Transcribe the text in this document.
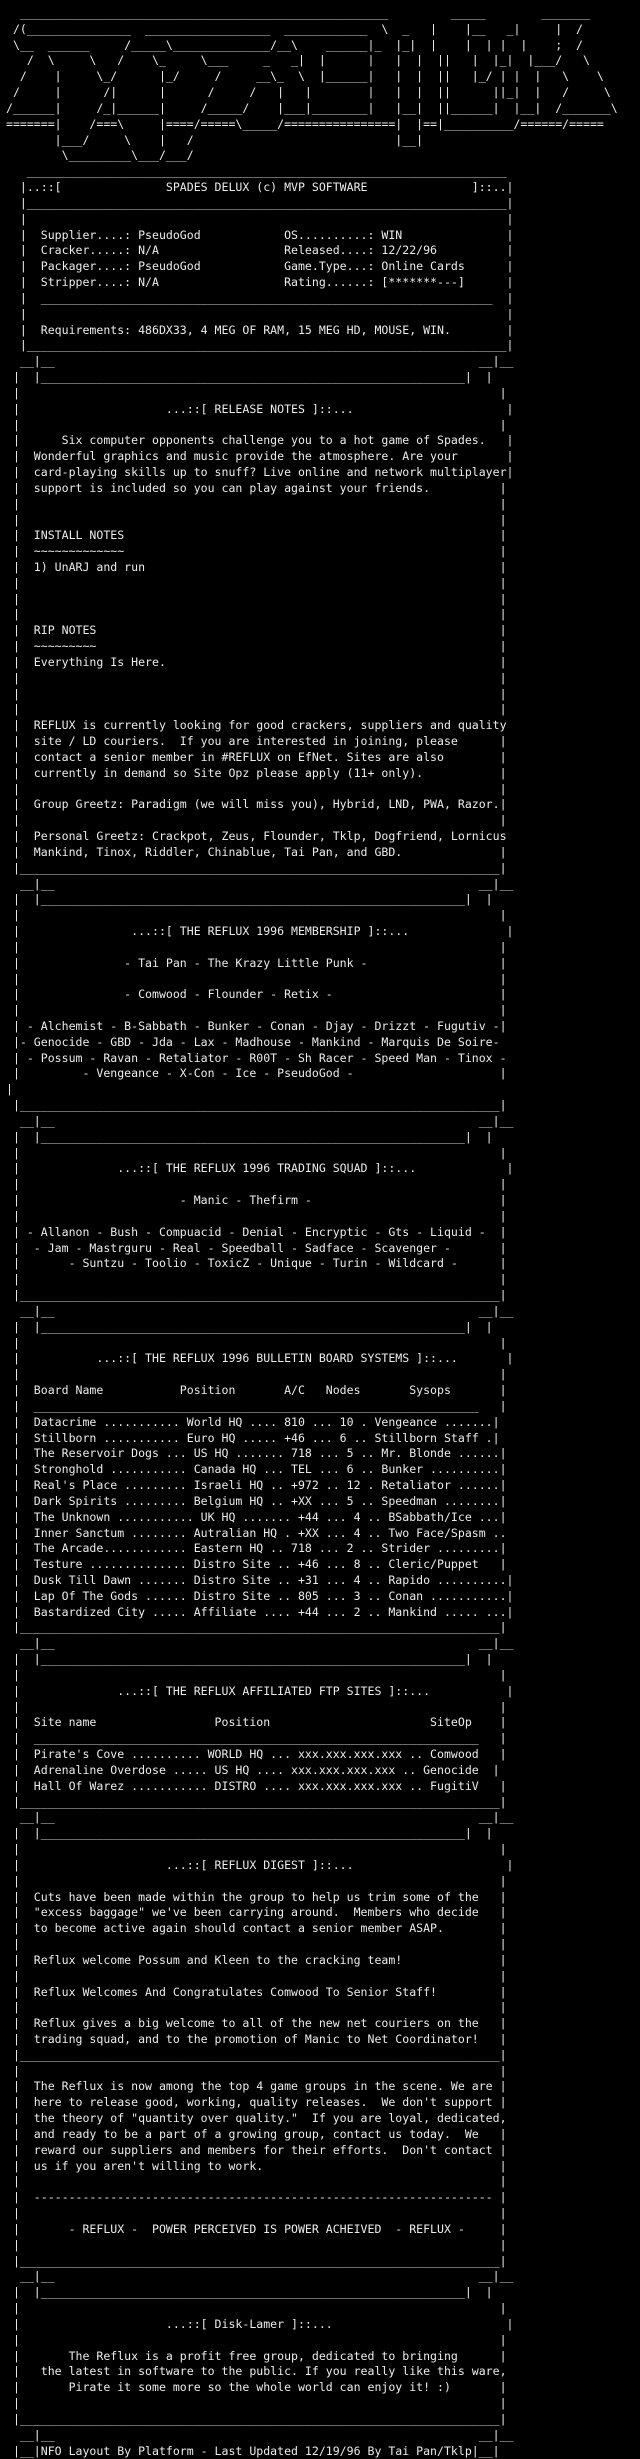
_____________________________________________________         _____        _______
/(_______________  __________________  ____________  \  _   |    |__   _|     |  /
\__  ______     /_____\______________/__\    ______|_  |_|  |    |  | |  |    ;  /
/  \     \   /    \_     \___     _   _|  |      |   |  |  ||   |  |_|  |___/   \
/    |     \_/      |_/     /     __\_  \  |______|   |  |  ||   |_/ | |  |   \    \
/     |      /|      |      /     /   |   |        |   |  |  ||      ||_|  |   /     \
/______|     /_|______|     /_____/    |___|________|   |__|  ||______|  |__|  /_______\
=======|    /===\     |====/=====\_____/================|  |==|__________/======/=====
|___/     \    |   /                             |__|
\_________\___/___/
_____________________________________________________________________
|..::[               SPADES DELUX (c) MVP SOFTWARE               ]::..|
|_____________________________________________________________________|
|                                                                     |
|  Supplier....: PseudoGod            OS..........: WIN               |
|  Cracker.....: N/A                  Released....: 12/22/96          |
|  Packager....: PseudoGod            Game.Type...: Online Cards      |
|  Stripper....: N/A                  Rating......: [*******---]      |
|  _________________________________________________________________  |
|                                                                     |
|  Requirements: 486DX33, 4 MEG OF RAM, 15 MEG HD, MOUSE, WIN.        |
|_____________________________________________________________________|
__|__                                                             __|__
|  |_____________________________________________________________|  |
|                                                                     |
|                     ...::[ RELEASE NOTES ]::...                      |
|                                                                     |
|      Six computer opponents challenge you to a hot game of Spades.   |
|  Wonderful graphics and music provide the atmosphere. Are your       |
|  card-playing skills up to snuff? Live online and network multiplayer|
|  support is included so you can play against your friends.          |
|                                                                     |
|                                                                     |
|  INSTALL NOTES                                                      |
|  ~~~~~~~~~~~~~                                                      |
|  1) UnARJ and run                                                   |
|                                                                     |
|                                                                     |
|                                                                     |
|  RIP NOTES                                                          |
|  ~~~~~~~~~                                                          |
|  Everything Is Here.                                                |
|                                                                     |
|                                                                     |
|                                                                     |
|  REFLUX is currently looking for good crackers, suppliers and quality
|  site / LD couriers.  If you are interested in joining, please      |
|  contact a senior member in #REFLUX on EfNet. Sites are also        |
|  currently in demand so Site Opz please apply (11+ only).           |
|                                                                     |
|  Group Greetz: Paradigm (we will miss you), Hybrid, LND, PWA, Razor.|
|                                                                     |
|  Personal Greetz: Crackpot, Zeus, Flounder, Tklp, Dogfriend, Lornicus
|  Mankind, Tinox, Riddler, Chinablue, Tai Pan, and GBD.              |
|_____________________________________________________________________|
__|__                                                             __|__
|  |_____________________________________________________________|  |
|                                                                     |
|                ...::[ THE REFLUX 1996 MEMBERSHIP ]::...              |
|                                                                     |
|               - Tai Pan - The Krazy Little Punk -                   |
|                                                                     |
|               - Comwood - Flounder - Retix -                        |
|                                                                     |
| - Alchemist - B-Sabbath - Bunker - Conan - Djay - Drizzt - Fugutiv -|
|- Genocide - GBD - Jda - Lax - Madhouse - Mankind - Marquis De Soire-
| - Possum - Ravan - Retaliator - R00T - Sh Racer - Speed Man - Tinox -
|         - Vengeance - X-Con - Ice - PseudoGod -                     |
|
|_____________________________________________________________________|
__|__                                                             __|__
|  |_____________________________________________________________|  |
|                                                                     |
|              ...::[ THE REFLUX 1996 TRADING SQUAD ]::...             |
|                                                                     |
|                       - Manic - Thefirm -                           |
|                                                                     |
| - Allanon - Bush - Compuacid - Denial - Encryptic - Gts - Liquid -  |
|  - Jam - Mastrguru - Real - Speedball - Sadface - Scavenger -       |
|       - Suntzu - Toolio - ToxicZ - Unique - Turin - Wildcard -      |
|                                                                     |
|_____________________________________________________________________|
__|__                                                             __|__
|  |_____________________________________________________________|  |
|                                                                     |
|           ...::[ THE REFLUX 1996 BULLETIN BOARD SYSTEMS ]::...       |
|                                                                     |
|  Board Name           Position       A/C   Nodes       Sysops       |
|  ________________________________________________________________   |
|  Datacrime ........... World HQ .... 810 ... 10 . Vengeance .......|
|  Stillborn ........... Euro HQ ..... +46 ... 6 .. Stillborn Staff .|
|  The Reservoir Dogs ... US HQ ....... 718 ... 5 .. Mr. Blonde ......|
|  Stronghold ........... Canada HQ ... TEL ... 6 .. Bunker ..........|
|  Real's Place ......... Israeli HQ .. +972 .. 12 . Retaliator ......|
|  Dark Spirits ......... Belgium HQ .. +XX ... 5 .. Speedman ........|
|  The Unknown ........... UK HQ ....... +44 ... 4 .. BSabbath/Ice ...|
|  Inner Sanctum ........ Autralian HQ . +XX ... 4 .. Two Face/Spasm ..
|  The Arcade............ Eastern HQ .. 718 ... 2 .. Strider .........|
|  Testure .............. Distro Site .. +46 ... 8 .. Cleric/Puppet   |
|  Dusk Till Dawn ....... Distro Site .. +31 ... 4 .. Rapido ..........|
|  Lap Of The Gods ...... Distro Site .. 805 ... 3 .. Conan ...........|
|  Bastardized City ..... Affiliate .... +44 ... 2 .. Mankind ..... ...|
|_____________________________________________________________________|
__|__                                                             __|__
|  |_____________________________________________________________|  |
|                                                                     |
|              ...::[ THE REFLUX AFFILIATED FTP SITES ]::...           |
|                                                                     |
|  Site name                 Position                       SiteOp    |
|  ________________________________________________________________   |
|  Pirate's Cove .......... WORLD HQ ... xxx.xxx.xxx.xxx .. Comwood   |
|  Adrenaline Overdose ..... US HQ .... xxx.xxx.xxx.xxx .. Genocide  |
|  Hall Of Warez ........... DISTRO .... xxx.xxx.xxx.xxx .. FugitiV   |
|_____________________________________________________________________|
__|__                                                             __|__
|  |_____________________________________________________________|  |
|                                                                     |
|                     ...::[ REFLUX DIGEST ]::...                      |
|                                                                     |
|  Cuts have been made within the group to help us trim some of the   |
|  "excess baggage" we've been carrying around.  Members who decide   |
|  to become active again should contact a senior member ASAP.        |
|                                                                     |
|  Reflux welcome Possum and Kleen to the cracking team!              |
|                                                                     |
|  Reflux Welcomes And Congratulates Comwood To Senior Staff!         |
|                                                                     |
|  Reflux gives a big welcome to all of the new net couriers on the   |
|  trading squad, and to the promotion of Manic to Net Coordinator!   |
|_____________________________________________________________________|
|                                                                     |
|  The Reflux is now among the top 4 game groups in the scene. We are |
|  here to release good, working, quality releases.  We don't support |
|  the theory of "quantity over quality."  If you are loyal, dedicated,
|  and ready to be a part of a growing group, contact us today.  We   |
|  reward our suppliers and members for their efforts.  Don't contact |
|  us if you aren't willing to work.                                  |
|                                                                     |
|  ------------------------------------------------------------------ |
|                                                                     |
|       - REFLUX -  POWER PERCEIVED IS POWER ACHEIVED  - REFLUX -     |
|                                                                     |
|_____________________________________________________________________|
__|__                                                             __|__
|  |_____________________________________________________________|  |
|                                                                     |
|                     ...::[ Disk-Lamer ]::...                         |
|                                                                     |
|       The Reflux is a profit free group, dedicated to bringing      |
|   the latest in software to the public. If you really like this ware,
|       Pirate it some more so the whole world can enjoy it! :)       |
|                                                                     |
|_____________________________________________________________________|
__|__                                                             __|__
|__|NFO Layout By Platform - Last Updated 12/19/96 By Tai Pan/Tklp|__|
